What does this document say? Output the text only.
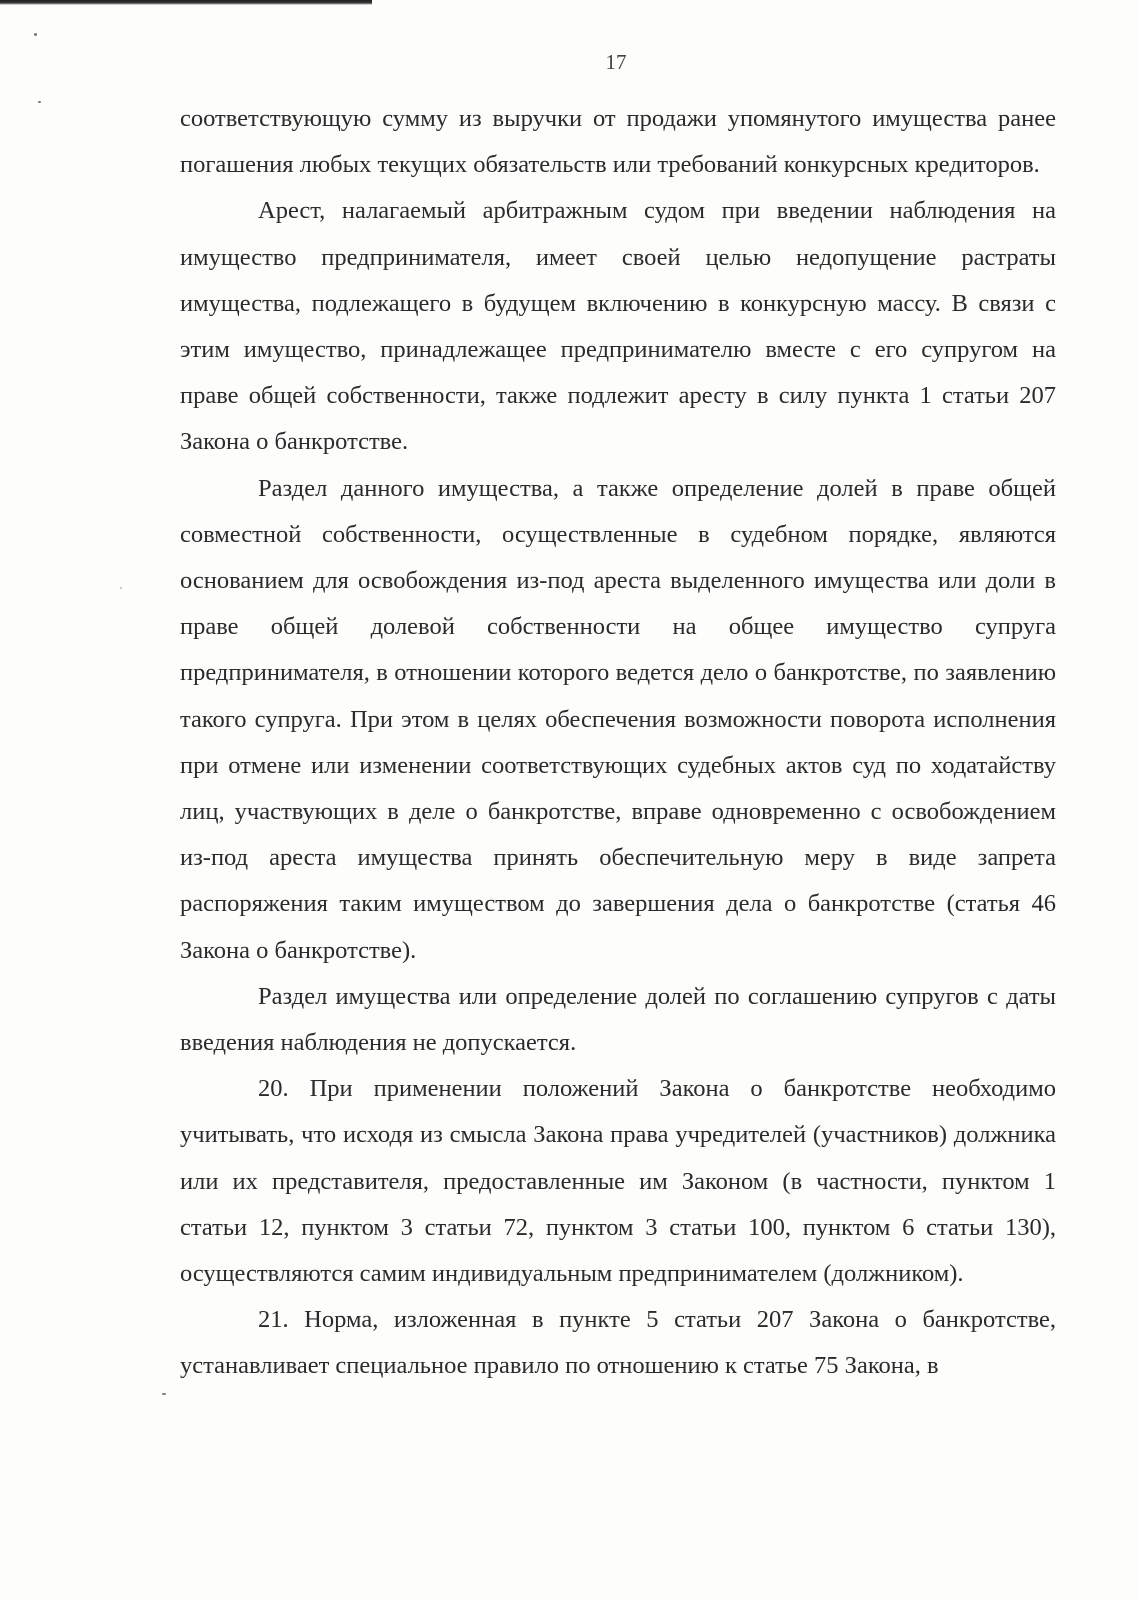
17

соответствующую сумму из выручки от продажи упомянутого имущества ранее погашения любых текущих обязательств или требований конкурсных кредиторов.

Арест, налагаемый арбитражным судом при введении наблюдения на имущество предпринимателя, имеет своей целью недопущение растраты имущества, подлежащего в будущем включению в конкурсную массу. В связи с этим имущество, принадлежащее предпринимателю вместе с его супругом на праве общей собственности, также подлежит аресту в силу пункта 1 статьи 207 Закона о банкротстве.

Раздел данного имущества, а также определение долей в праве общей совместной собственности, осуществленные в судебном порядке, являются основанием для освобождения из-под ареста выделенного имущества или доли в праве общей долевой собственности на общее имущество супруга предпринимателя, в отношении которого ведется дело о банкротстве, по заявлению такого супруга. При этом в целях обеспечения возможности поворота исполнения при отмене или изменении соответствующих судебных актов суд по ходатайству лиц, участвующих в деле о банкротстве, вправе одновременно с освобождением из-под ареста имущества принять обеспечительную меру в виде запрета распоряжения таким имуществом до завершения дела о банкротстве (статья 46 Закона о банкротстве).

Раздел имущества или определение долей по соглашению супругов с даты введения наблюдения не допускается.

20. При применении положений Закона о банкротстве необходимо учитывать, что исходя из смысла Закона права учредителей (участников) должника или их представителя, предоставленные им Законом (в частности, пунктом 1 статьи 12, пунктом 3 статьи 72, пунктом 3 статьи 100, пунктом 6 статьи 130), осуществляются самим индивидуальным предпринимателем (должником).

21. Норма, изложенная в пункте 5 статьи 207 Закона о банкротстве, устанавливает специальное правило по отношению к статье 75 Закона, в
